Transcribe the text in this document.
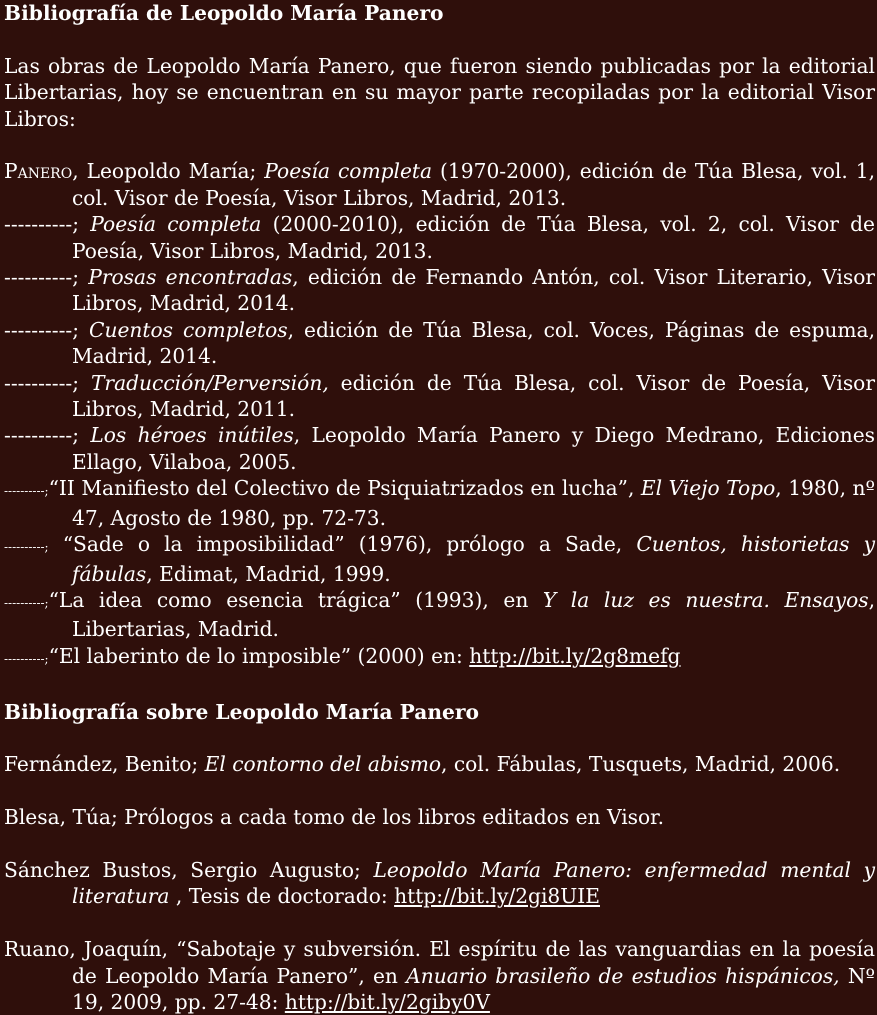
Bibliografía de Leopoldo María Panero

Las obras de Leopoldo María Panero, que fueron siendo publicadas por la editorial Libertarias, hoy se encuentran en su mayor parte recopiladas por la editorial Visor Libros:

Panero, Leopoldo María; Poesía completa (1970-2000), edición de Túa Blesa, vol. 1, col. Visor de Poesía, Visor Libros, Madrid, 2013.

----------; Poesía completa (2000-2010), edición de Túa Blesa, vol. 2, col. Visor de Poesía, Visor Libros, Madrid, 2013.

----------; Prosas encontradas, edición de Fernando Antón, col. Visor Literario, Visor Libros, Madrid, 2014.

----------; Cuentos completos, edición de Túa Blesa, col. Voces, Páginas de espuma, Madrid, 2014.

----------; Traducción/Perversión, edición de Túa Blesa, col. Visor de Poesía, Visor Libros, Madrid, 2011.

----------; Los héroes inútiles, Leopoldo María Panero y Diego Medrano, Ediciones Ellago, Vilaboa, 2005.

----------;“II Manifiesto del Colectivo de Psiquiatrizados en lucha”, El Viejo Topo, 1980, nº 47, Agosto de 1980, pp. 72-73.

----------; “Sade o la imposibilidad” (1976), prólogo a Sade, Cuentos, historietas y fábulas, Edimat, Madrid, 1999.

----------;“La idea como esencia trágica” (1993), en Y la luz es nuestra. Ensayos, Libertarias, Madrid.

----------;“El laberinto de lo imposible” (2000) en: http://bit.ly/2g8mefg

Bibliografía sobre Leopoldo María Panero

Fernández, Benito; El contorno del abismo, col. Fábulas, Tusquets, Madrid, 2006.

Blesa, Túa; Prólogos a cada tomo de los libros editados en Visor.

Sánchez Bustos, Sergio Augusto; Leopoldo María Panero: enfermedad mental y literatura , Tesis de doctorado: http://bit.ly/2gi8UIE

Ruano, Joaquín, “Sabotaje y subversión. El espíritu de las vanguardias en la poesía de Leopoldo María Panero”, en Anuario brasileño de estudios hispánicos, Nº 19, 2009, pp. 27-48: http://bit.ly/2giby0V
